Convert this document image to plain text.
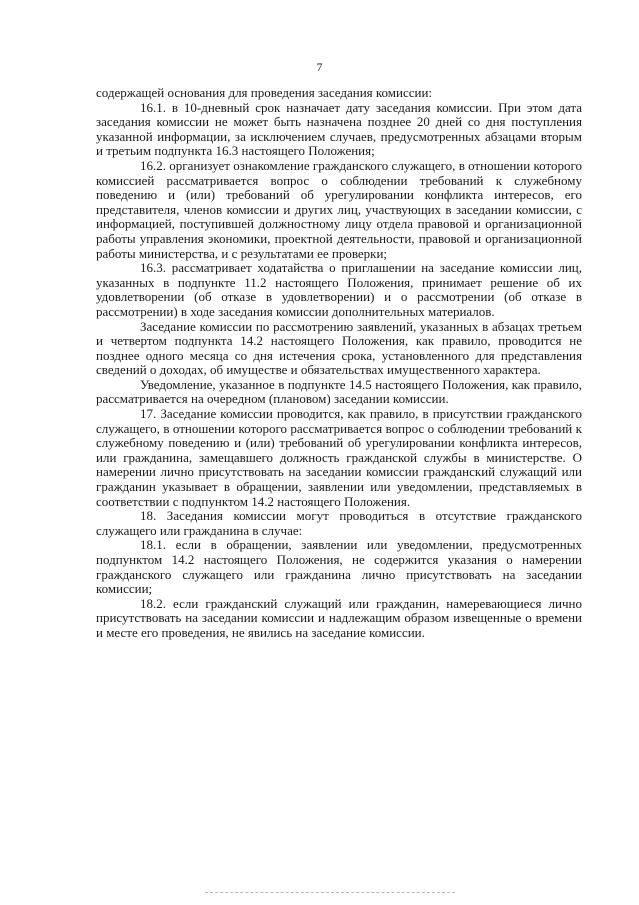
7

содержащей основания для проведения заседания комиссии:

16.1. в 10-дневный срок назначает дату заседания комиссии. При этом дата заседания комиссии не может быть назначена позднее 20 дней со дня поступления указанной информации, за исключением случаев, предусмотренных абзацами вторым и третьим подпункта 16.3 настоящего Положения;

16.2. организует ознакомление гражданского служащего, в отношении которого комиссией рассматривается вопрос о соблюдении требований к служебному поведению и (или) требований об урегулировании конфликта интересов, его представителя, членов комиссии и других лиц, участвующих в заседании комиссии, с информацией, поступившей должностному лицу отдела правовой и организационной работы управления экономики, проектной деятельности, правовой и организационной работы министерства, и с результатами ее проверки;

16.3. рассматривает ходатайства о приглашении на заседание комиссии лиц, указанных в подпункте 11.2 настоящего Положения, принимает решение об их удовлетворении (об отказе в удовлетворении) и о рассмотрении (об отказе в рассмотрении) в ходе заседания комиссии дополнительных материалов.

Заседание комиссии по рассмотрению заявлений, указанных в абзацах третьем и четвертом подпункта 14.2 настоящего Положения, как правило, проводится не позднее одного месяца со дня истечения срока, установленного для представления сведений о доходах, об имуществе и обязательствах имущественного характера.

Уведомление, указанное в подпункте 14.5 настоящего Положения, как правило, рассматривается на очередном (плановом) заседании комиссии.

17. Заседание комиссии проводится, как правило, в присутствии гражданского служащего, в отношении которого рассматривается вопрос о соблюдении требований к служебному поведению и (или) требований об урегулировании конфликта интересов, или гражданина, замещавшего должность гражданской службы в министерстве. О намерении лично присутствовать на заседании комиссии гражданский служащий или гражданин указывает в обращении, заявлении или уведомлении, представляемых в соответствии с подпунктом 14.2 настоящего Положения.

18. Заседания комиссии могут проводиться в отсутствие гражданского служащего или гражданина в случае:

18.1. если в обращении, заявлении или уведомлении, предусмотренных подпунктом 14.2 настоящего Положения, не содержится указания о намерении гражданского служащего или гражданина лично присутствовать на заседании комиссии;

18.2. если гражданский служащий или гражданин, намеревающиеся лично присутствовать на заседании комиссии и надлежащим образом извещенные о времени и месте его проведения, не явились на заседание комиссии.
